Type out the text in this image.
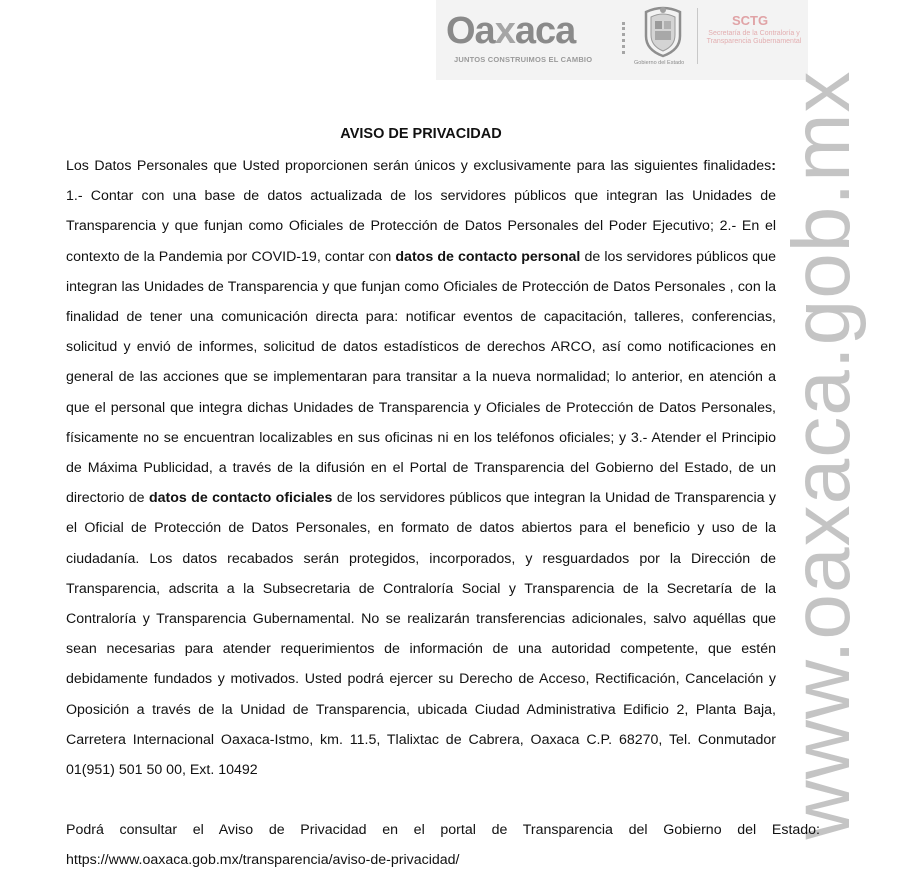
Oaxaca
JUNTOS CONSTRUIMOS EL CAMBIO	Gobierno del Estado
SCTG
Secretaría de la Contraloría y Transparencia Gubernamental
www.oaxaca.gob.mx
AVISO DE PRIVACIDAD

Los Datos Personales que Usted proporcionen serán únicos y exclusivamente para las siguientes finalidades: 1.- Contar con una base de datos actualizada de los servidores públicos que integran las Unidades de Transparencia y que funjan como Oficiales de Protección de Datos Personales del Poder Ejecutivo; 2.- En el contexto de la Pandemia por COVID-19, contar con datos de contacto personal de los servidores públicos que integran las Unidades de Transparencia y que funjan como Oficiales de Protección de Datos Personales , con la finalidad de tener una comunicación directa para: notificar eventos de capacitación, talleres, conferencias, solicitud y envió de informes, solicitud de datos estadísticos de derechos ARCO, así como notificaciones en general de las acciones que se implementaran para transitar a la nueva normalidad; lo anterior, en atención a que el personal que integra dichas Unidades de Transparencia y Oficiales de Protección de Datos Personales, físicamente no se encuentran localizables en sus oficinas ni en los teléfonos oficiales; y 3.- Atender el Principio de Máxima Publicidad, a través de la difusión en el Portal de Transparencia del Gobierno del Estado, de un directorio de datos de contacto oficiales de los servidores públicos que integran la Unidad de Transparencia y el Oficial de Protección de Datos Personales, en formato de datos abiertos para el beneficio y uso de la ciudadanía. Los datos recabados serán protegidos, incorporados, y resguardados por la Dirección de Transparencia, adscrita a la Subsecretaria de Contraloría Social y Transparencia de la Secretaría de la Contraloría y Transparencia Gubernamental. No se realizarán transferencias adicionales, salvo aquéllas que sean necesarias para atender requerimientos de información de una autoridad competente, que estén debidamente fundados y motivados. Usted podrá ejercer su Derecho de Acceso, Rectificación, Cancelación y Oposición a través de la Unidad de Transparencia, ubicada Ciudad Administrativa Edificio 2, Planta Baja, Carretera Internacional Oaxaca-Istmo, km. 11.5, Tlalixtac de Cabrera, Oaxaca C.P. 68270, Tel. Conmutador 01(951) 501 50 00, Ext. 10492

Podrá consultar el Aviso de Privacidad en el portal de Transparencia del Gobierno del Estado:
https://www.oaxaca.gob.mx/transparencia/aviso-de-privacidad/
